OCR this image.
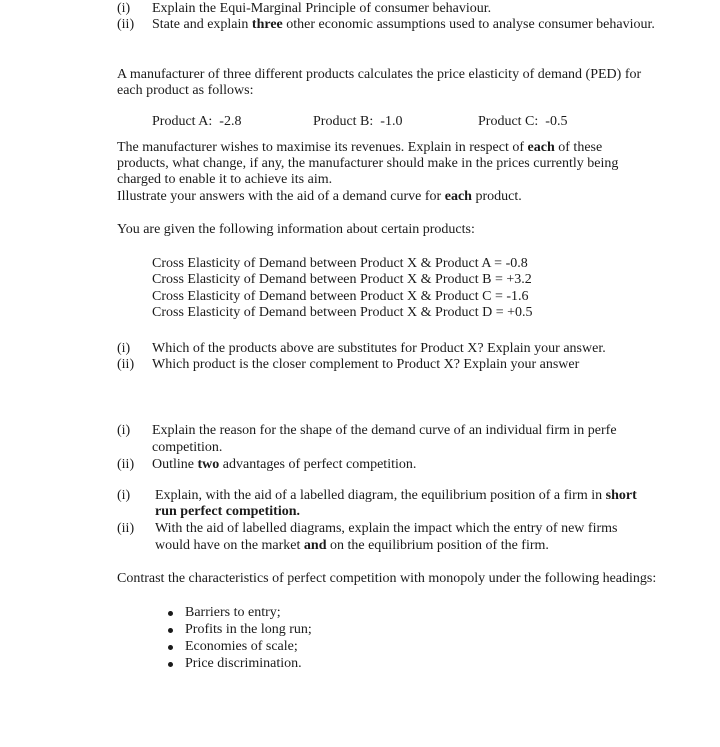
(i) Explain the Equi-Marginal Principle of consumer behaviour.
(ii) State and explain three other economic assumptions used to analyse consumer behaviour.
A manufacturer of three different products calculates the price elasticity of demand (PED) for
each product as follows:
Product A: -2.8	Product B: -1.0	Product C: -0.5
The manufacturer wishes to maximise its revenues. Explain in respect of each of these
products, what change, if any, the manufacturer should make in the prices currently being
charged to enable it to achieve its aim.
Illustrate your answers with the aid of a demand curve for each product.
You are given the following information about certain products:
Cross Elasticity of Demand between Product X & Product A = -0.8
Cross Elasticity of Demand between Product X & Product B = +3.2
Cross Elasticity of Demand between Product X & Product C = -1.6
Cross Elasticity of Demand between Product X & Product D = +0.5
(i) Which of the products above are substitutes for Product X? Explain your answer.
(ii) Which product is the closer complement to Product X? Explain your answer
(i) Explain the reason for the shape of the demand curve of an individual firm in perfe
competition.
(ii) Outline two advantages of perfect competition.
(i) Explain, with the aid of a labelled diagram, the equilibrium position of a firm in short
run perfect competition.
(ii) With the aid of labelled diagrams, explain the impact which the entry of new firms
would have on the market and on the equilibrium position of the firm.
Contrast the characteristics of perfect competition with monopoly under the following headings:
Barriers to entry;
Profits in the long run;
Economies of scale;
Price discrimination.
